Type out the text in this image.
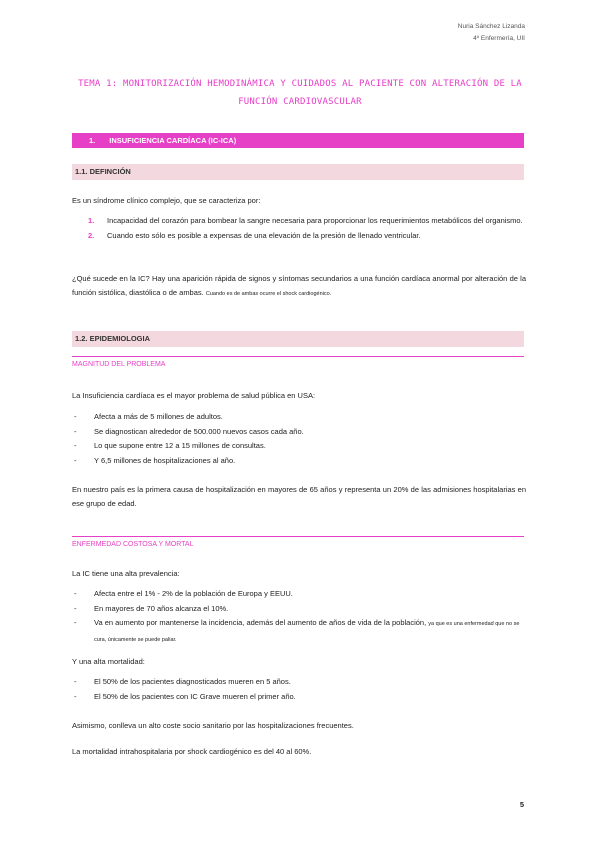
Nuria Sánchez Lizanda
4º Enfermería, UII
TEMA 1: MONITORIZACIÓN HEMODINÁMICA Y CUIDADOS AL PACIENTE CON ALTERACIÓN DE LA FUNCIÓN CARDIOVASCULAR
1. INSUFICIENCIA CARDÍACA (IC-ICA)
1.1. DEFINCIÓN
Es un síndrome clínico complejo, que se caracteriza por:
1. Incapacidad del corazón para bombear la sangre necesaria para proporcionar los requerimientos metabólicos del organismo.
2. Cuando esto sólo es posible a expensas de una elevación de la presión de llenado ventricular.
¿Qué sucede en la IC? Hay una aparición rápida de signos y síntomas secundarios a una función cardíaca anormal por alteración de la función sistólica, diastólica o de ambas. Cuando es de ambas ocurre el shock cardiogénico.
1.2. EPIDEMIOLOGIA
MAGNITUD DEL PROBLEMA
La Insuficiencia cardíaca es el mayor problema de salud pública en USA:
- Afecta a más de 5 millones de adultos.
- Se diagnostican alrededor de 500.000 nuevos casos cada año.
- Lo que supone entre 12 a 15 millones de consultas.
- Y 6,5 millones de hospitalizaciones al año.
En nuestro país es la primera causa de hospitalización en mayores de 65 años y representa un 20% de las admisiones hospitalarias en ese grupo de edad.
ENFERMEDAD COSTOSA Y MORTAL
La IC tiene una alta prevalencia:
- Afecta entre el 1% - 2% de la población de Europa y EEUU.
- En mayores de 70 años alcanza el 10%.
- Va en aumento por mantenerse la incidencia, además del aumento de años de vida de la población, ya que es una enfermedad que no se cura, únicamente se puede paliar.
Y una alta mortalidad:
- El 50% de los pacientes diagnosticados mueren en 5 años.
- El 50% de los pacientes con IC Grave mueren el primer año.
Asimismo, conlleva un alto coste socio sanitario por las hospitalizaciones frecuentes.
La mortalidad intrahospitalaria por shock cardiogénico es del 40 al 60%.
5
